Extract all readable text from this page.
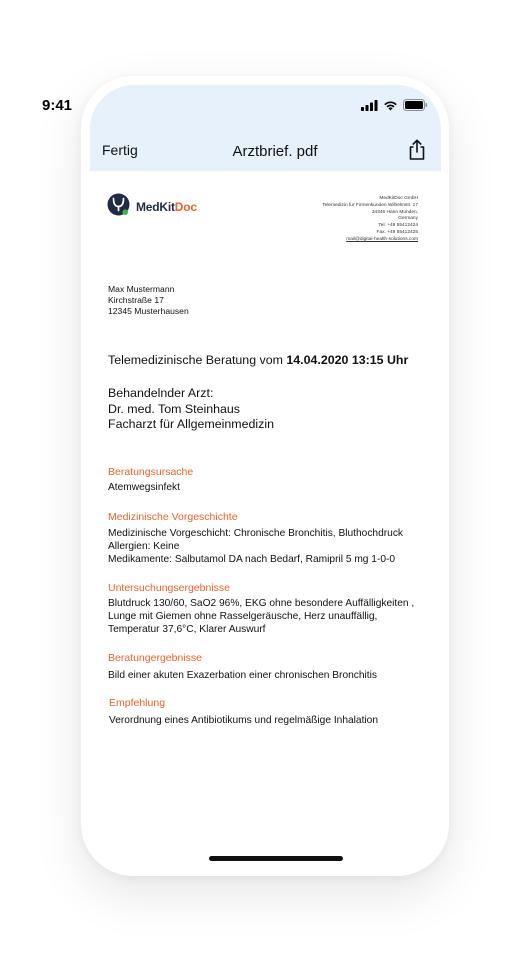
9:41
Fertig	Arztbrief. pdf
MedKitDoc
MedKitDoc GmbH
Telemedizin fur Firmenkunden Wilhelmstr. 17
34346 Hann Munden,
Germany
Tel. +49 55412424
Fax. +49 55412425
mail@digital-health-solutions.com
Max Mustermann
Kirchstraße 17
12345 Musterhausen
Telemedizinische Beratung vom 14.04.2020 13:15 Uhr
Behandelnder Arzt:
Dr. med. Tom Steinhaus
Facharzt für Allgemeinmedizin
Beratungsursache
Atemwegsinfekt
Medizinische Vorgeschichte
Medizinische Vorgeschicht: Chronische Bronchitis, Bluthochdruck
Allergien: Keine
Medikamente: Salbutamol DA nach Bedarf, Ramipril 5 mg 1-0-0
Untersuchungsergebnisse
Blutdruck 130/60, SaO2 96%, EKG ohne besondere Auffälligkeiten ,
Lunge mit Giemen ohne Rasselgeräusche, Herz unauffällig,
Temperatur 37,6°C, Klarer Auswurf
Beratungergebnisse
Bild einer akuten Exazerbation einer chronischen Bronchitis
Empfehlung
Verordnung eines Antibiotikums und regelmäßige Inhalation
